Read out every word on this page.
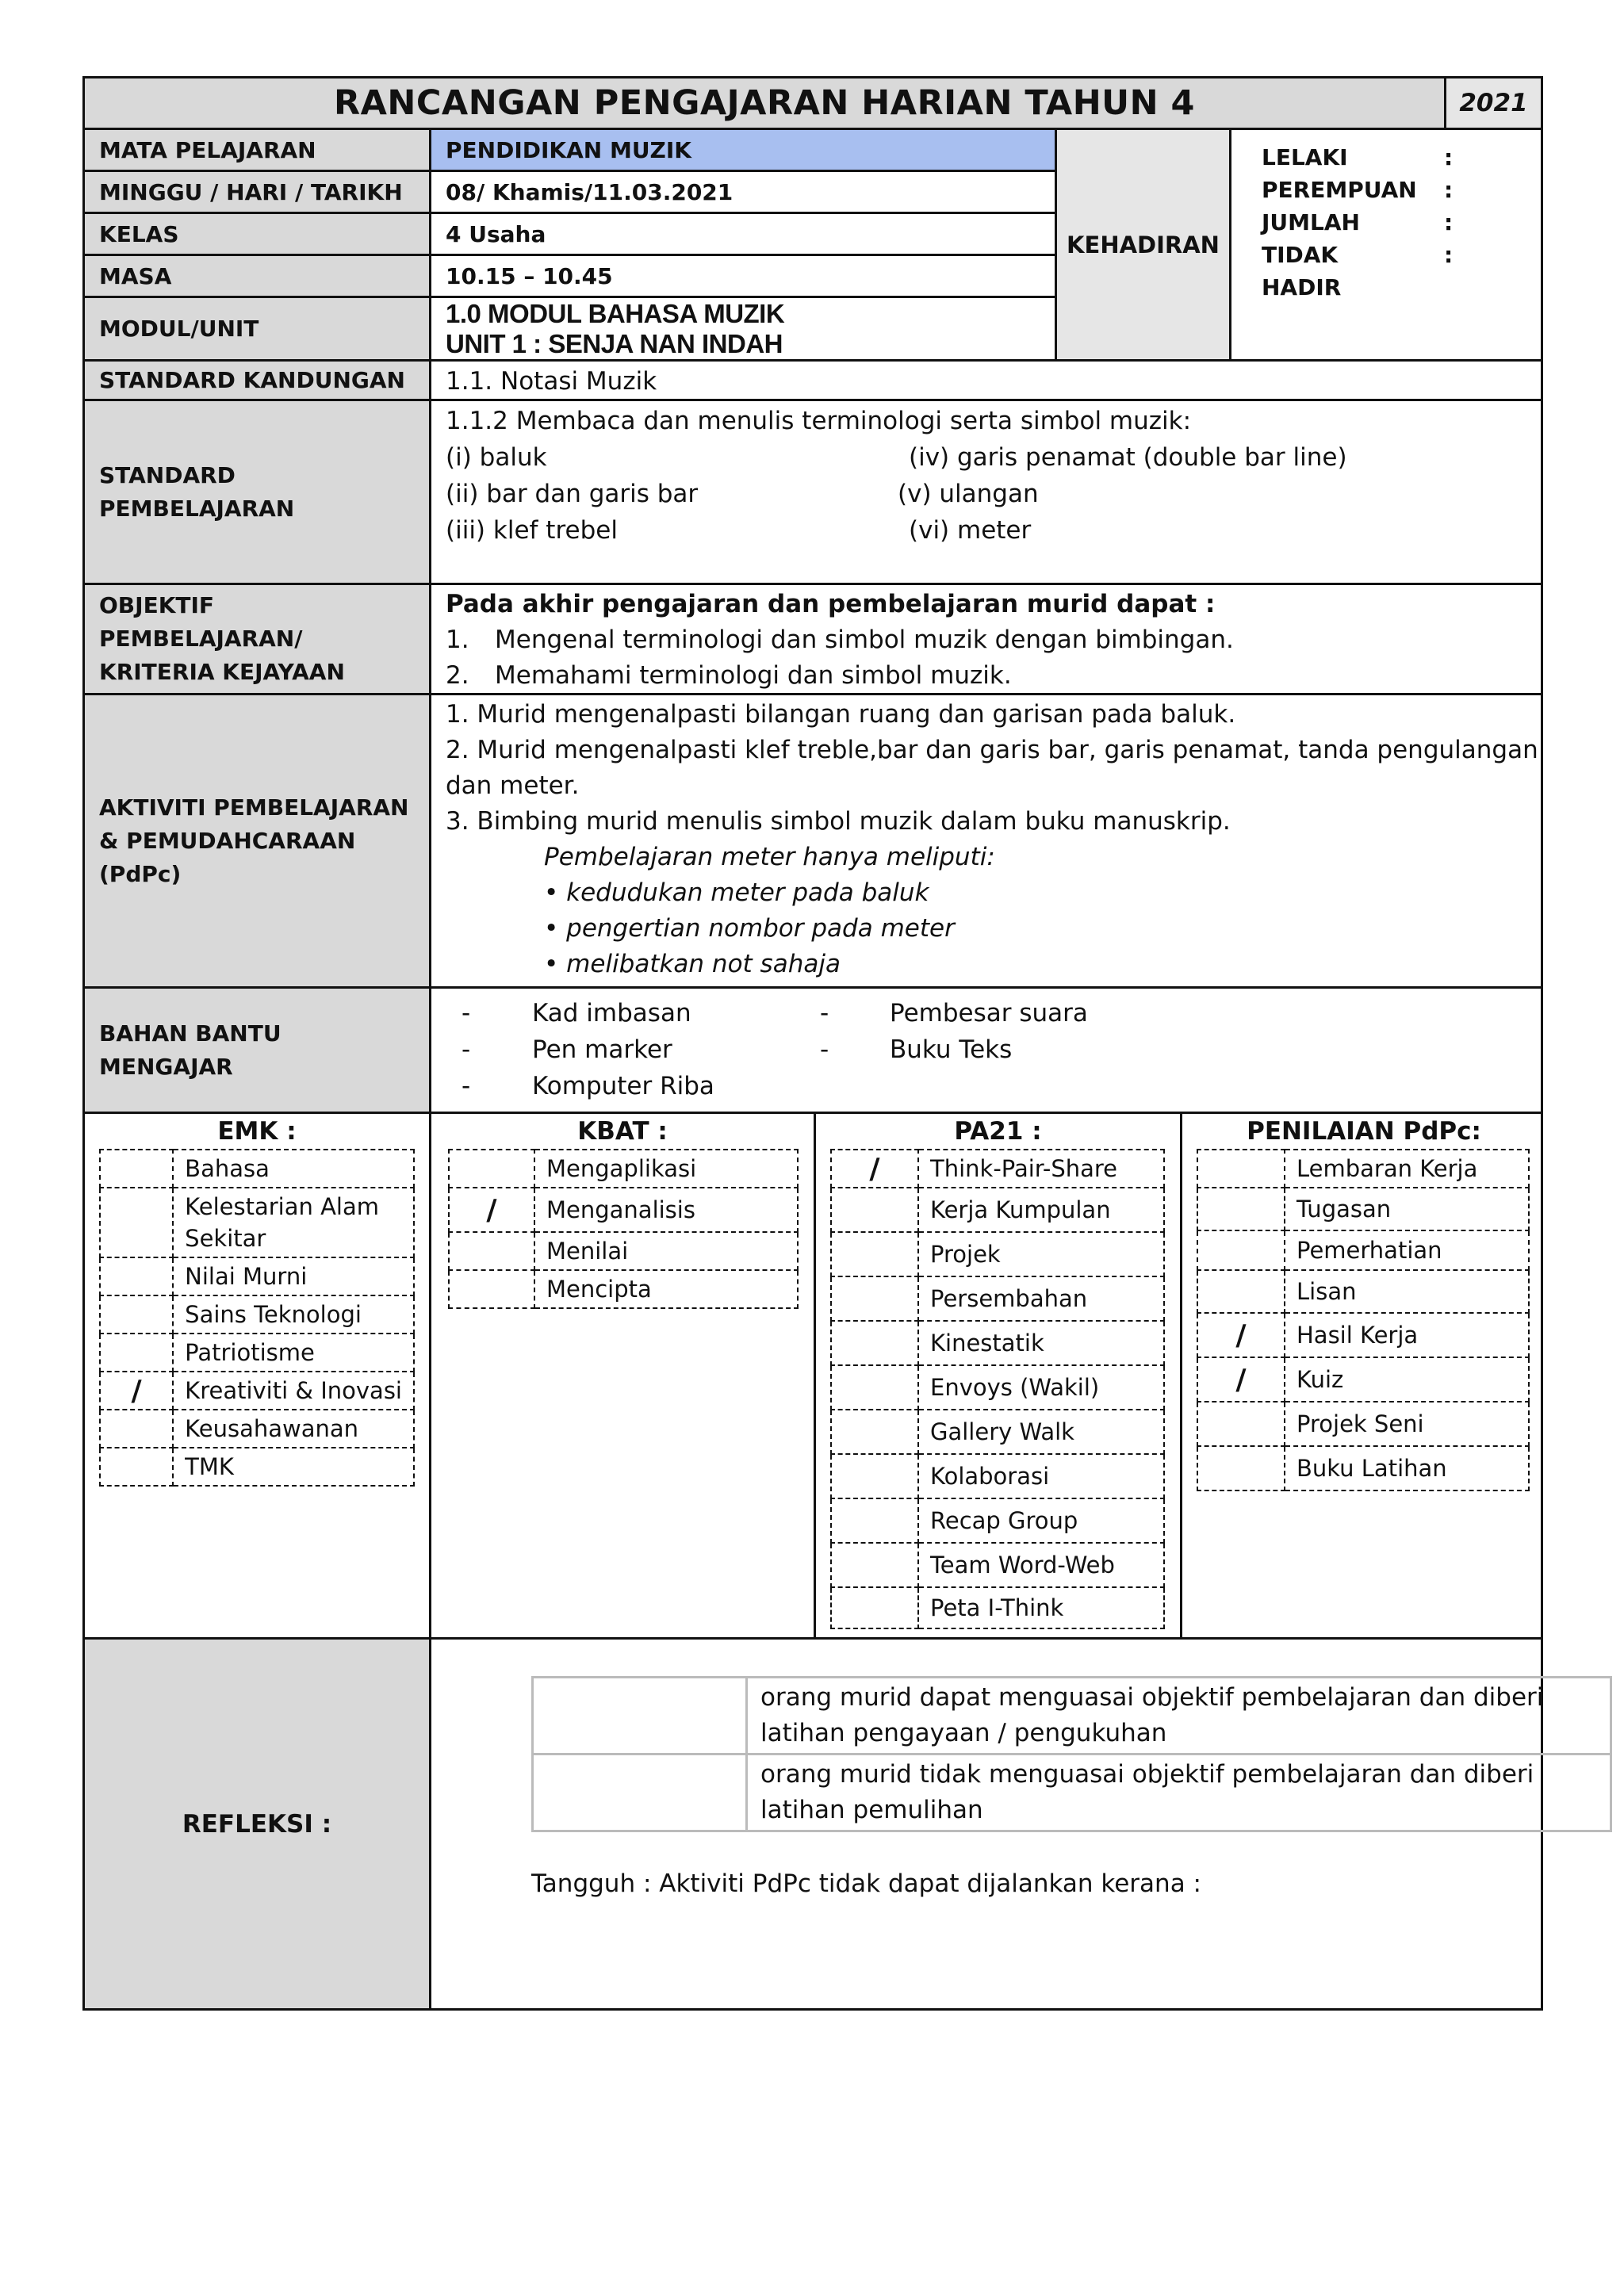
RANCANGAN PENGAJARAN HARIAN TAHUN 4	2021
MATA PELAJARAN	PENDIDIKAN MUZIK
MINGGU / HARI / TARIKH	08/ Khamis/11.03.2021
KELAS	4 Usaha
MASA	10.15 – 10.45
MODUL/UNIT
1.0 MODUL BAHASA MUZIK
UNIT 1 : SENJA NAN INDAH
KEHADIRAN
LELAKI	:
PEREMPUAN :
JUMLAH	:
TIDAK	:
HADIR
STANDARD KANDUNGAN	1.1. Notasi Muzik
STANDARD
PEMBELAJARAN
1.1.2 Membaca dan menulis terminologi serta simbol muzik:
(i) baluk	(iv) garis penamat (double bar line)
(ii) bar dan garis bar	(v) ulangan
(iii) klef trebel	(vi) meter
OBJEKTIF
PEMBELAJARAN/
KRITERIA KEJAYAAN
Pada akhir pengajaran dan pembelajaran murid dapat :
1. Mengenal terminologi dan simbol muzik dengan bimbingan.
2. Memahami terminologi dan simbol muzik.
AKTIVITI PEMBELAJARAN
& PEMUDAHCARAAN
(PdPc)
1. Murid mengenalpasti bilangan ruang dan garisan pada baluk.
2. Murid mengenalpasti klef treble,bar dan garis bar, garis penamat, tanda pengulangan
dan meter.
3. Bimbing murid menulis simbol muzik dalam buku manuskrip.
Pembelajaran meter hanya meliputi:
• kedudukan meter pada baluk
• pengertian nombor pada meter
• melibatkan not sahaja
BAHAN BANTU
MENGAJAR
-	Kad imbasan	- Pembesar suara
-	Pen marker	- Buku Teks
-	Komputer Riba
EMK :
	Bahasa

	Kelestarian Alam
Sekitar

	Nilai Murni
	Sains Teknologi
	Patriotisme
/	Kreativiti & Inovasi
	Keusahawanan
	TMK
KBAT :
	Mengaplikasi
/	Menganalisis
	Menilai
	Mencipta
PA21 :
/	Think-Pair-Share
	Kerja Kumpulan
	Projek
	Persembahan
	Kinestatik
	Envoys (Wakil)
	Gallery Walk
	Kolaborasi
	Recap Group
	Team Word-Web
	Peta I-Think
PENILAIAN PdPc:
	Lembaran Kerja
	Tugasan
	Pemerhatian
	Lisan
/	Hasil Kerja
/	Kuiz
	Projek Seni
	Buku Latihan
REFLEKSI :

	orang murid dapat menguasai objektif pembelajaran dan diberi
latihan pengayaan / pengukuhan

	orang murid tidak menguasai objektif pembelajaran dan diberi
latihan pemulihan
Tangguh : Aktiviti PdPc tidak dapat dijalankan kerana :
